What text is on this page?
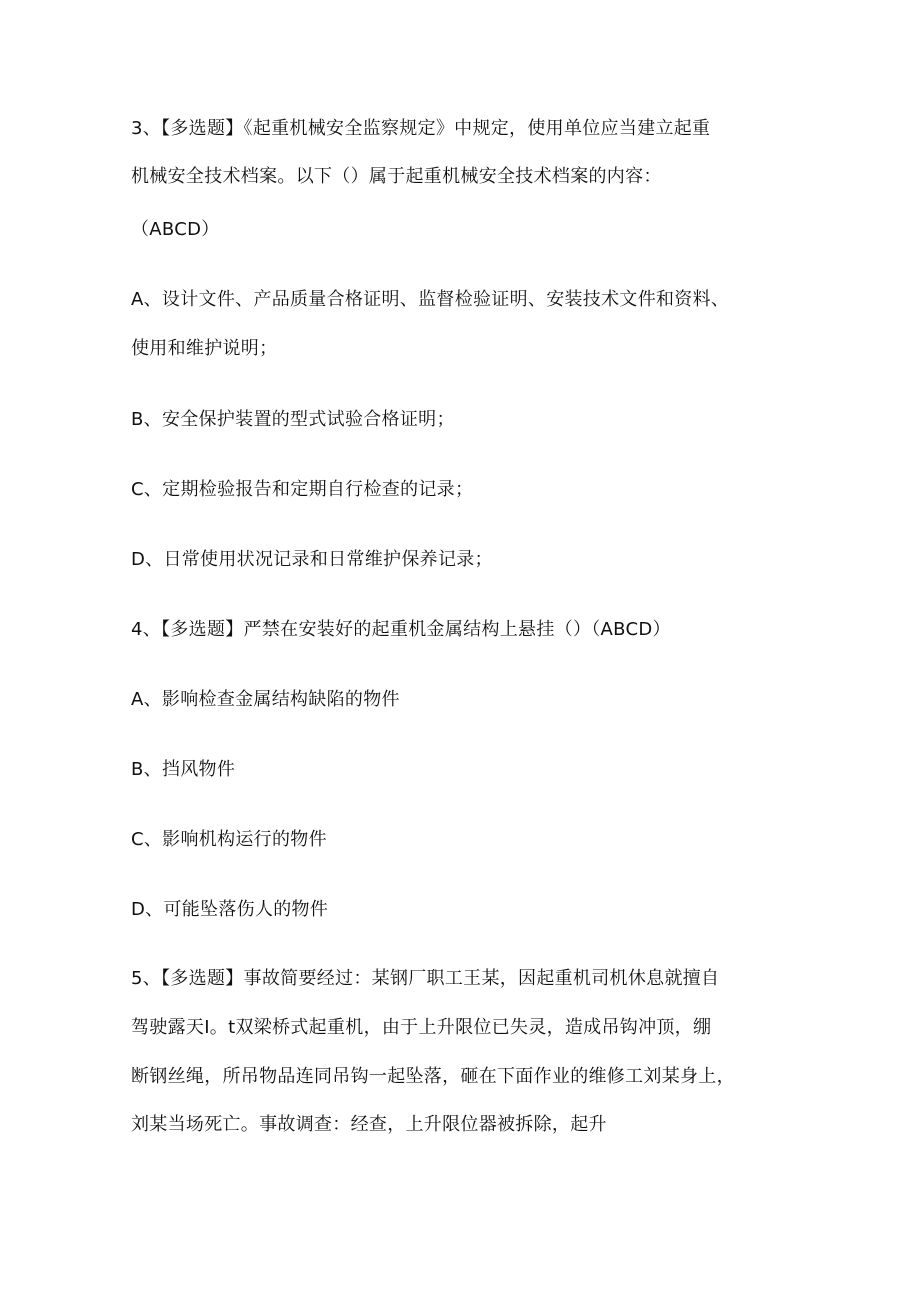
3、【多选题】《起重机械安全监察规定》中规定，使用单位应当建立起重
机械安全技术档案。以下（）属于起重机械安全技术档案的内容：
（ABCD）
A、设计文件、产品质量合格证明、监督检验证明、安装技术文件和资料、
使用和维护说明；
B、安全保护装置的型式试验合格证明；
C、定期检验报告和定期自行检查的记录；
D、日常使用状况记录和日常维护保养记录；
4、【多选题】严禁在安装好的起重机金属结构上悬挂（）（ABCD）
A、影响检查金属结构缺陷的物件
B、挡风物件
C、影响机构运行的物件
D、可能坠落伤人的物件
5、【多选题】事故简要经过：某钢厂职工王某，因起重机司机休息就擅自
驾驶露天Ⅰ。t双梁桥式起重机，由于上升限位已失灵，造成吊钩冲顶，绷
断钢丝绳，所吊物品连同吊钩一起坠落，砸在下面作业的维修工刘某身上，
刘某当场死亡。事故调查：经查，上升限位器被拆除，起升
